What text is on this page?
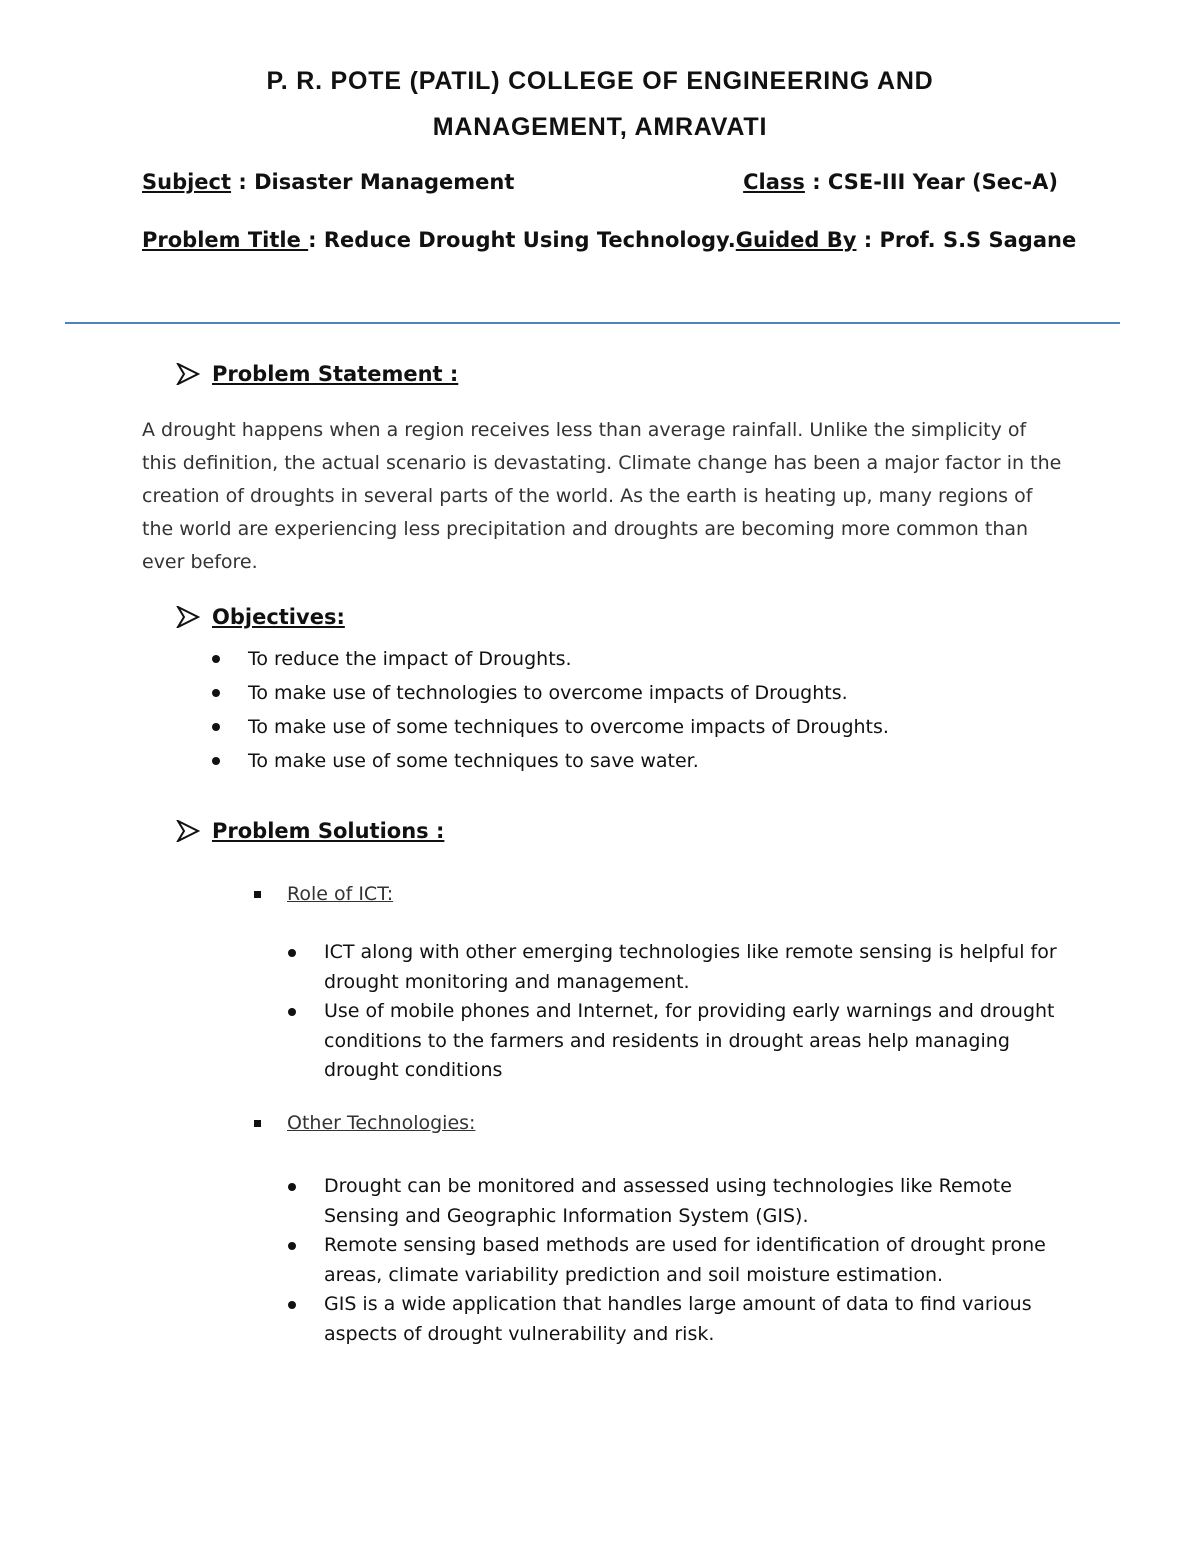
P. R. POTE (PATIL) COLLEGE OF ENGINEERING AND
MANAGEMENT, AMRAVATI
Subject : Disaster Management	Class : CSE-III Year (Sec-A)
Problem Title : Reduce Drought Using Technology. Guided By : Prof. S.S Sagane
Problem Statement :
A drought happens when a region receives less than average rainfall. Unlike the simplicity of this definition, the actual scenario is devastating. Climate change has been a major factor in the creation of droughts in several parts of the world. As the earth is heating up, many regions of the world are experiencing less precipitation and droughts are becoming more common than ever before.
Objectives:
To reduce the impact of Droughts.
To make use of technologies to overcome impacts of Droughts.
To make use of some techniques to overcome impacts of Droughts.
To make use of some techniques to save water.
Problem Solutions :
Role of ICT:
ICT along with other emerging technologies like remote sensing is helpful for drought monitoring and management.
Use of mobile phones and Internet, for providing early warnings and drought conditions to the farmers and residents in drought areas help managing drought conditions
Other Technologies:
Drought can be monitored and assessed using technologies like Remote Sensing and Geographic Information System (GIS).
Remote sensing based methods are used for identification of drought prone areas, climate variability prediction and soil moisture estimation.
GIS is a wide application that handles large amount of data to find various aspects of drought vulnerability and risk.
